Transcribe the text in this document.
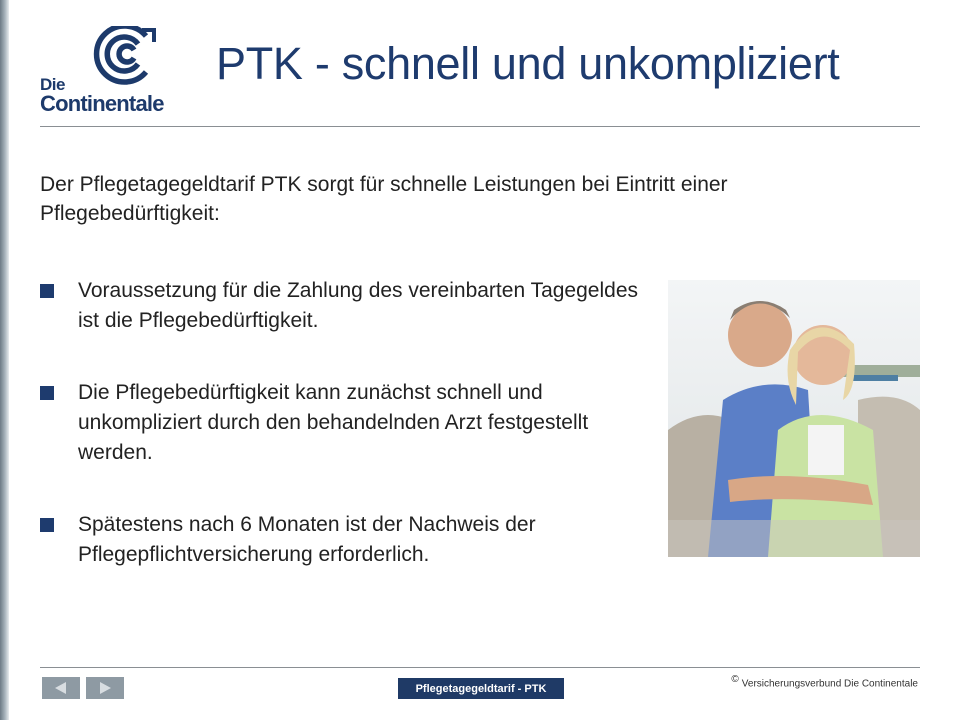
Die
Continentale
PTK - schnell und unkompliziert

Der Pflegetagegeldtarif PTK sorgt für schnelle Leistungen bei Eintritt einer Pflegebedürftigkeit:

Voraussetzung für die Zahlung des vereinbarten Tagegeldes ist die Pflegebedürftigkeit.
Die Pflegebedürftigkeit kann zunächst schnell und unkompliziert durch den behandelnden Arzt festgestellt werden.
Spätestens nach 6 Monaten ist der Nachweis der Pflegepflichtversicherung erforderlich.
Pflegetagegeldtarif - PTK
© Versicherungsverbund Die Continentale
